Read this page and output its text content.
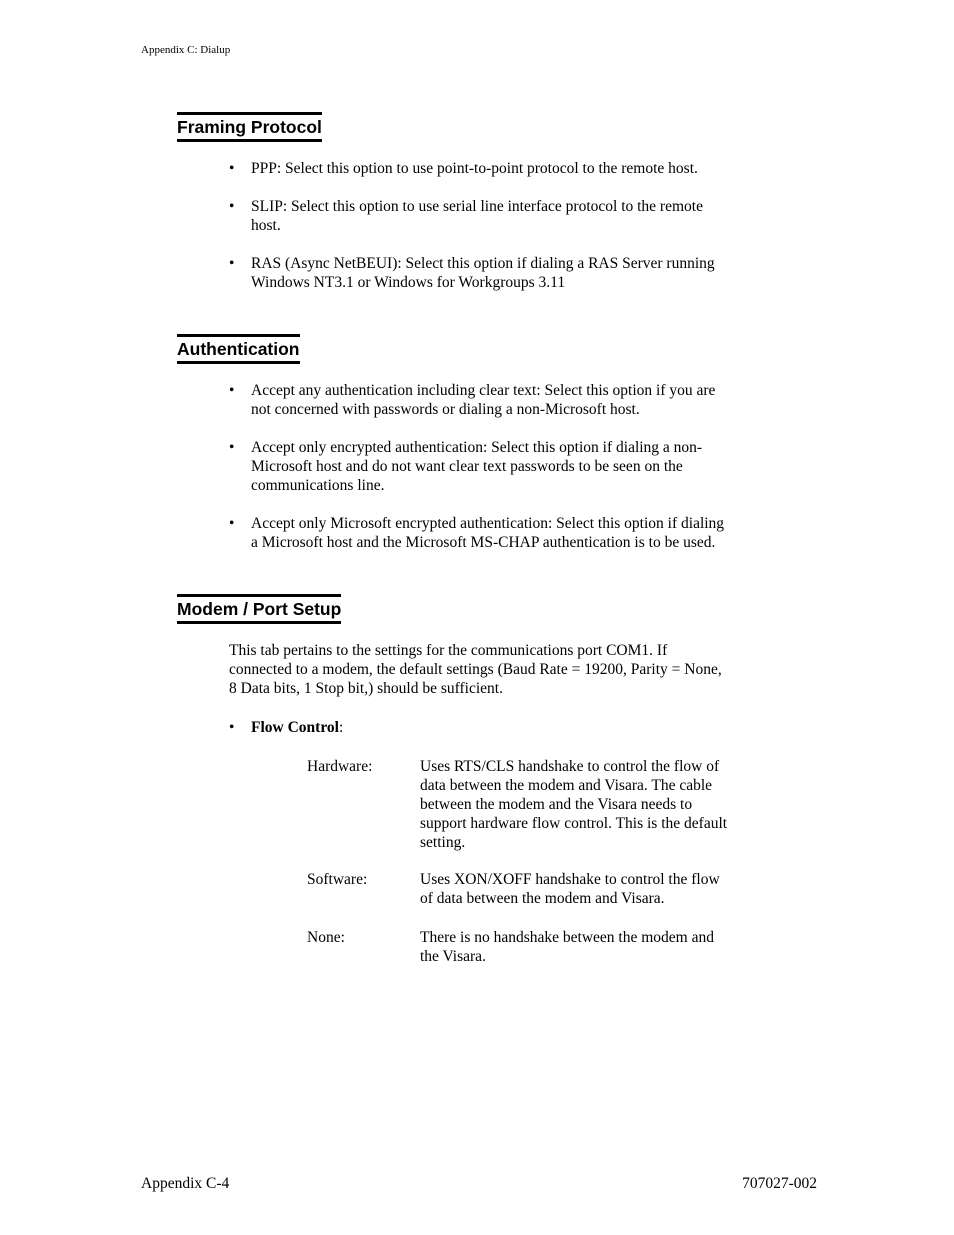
Appendix C: Dialup
Framing Protocol
• PPP: Select this option to use point-to-point protocol to the remote host.
• SLIP: Select this option to use serial line interface protocol to the remote host.
• RAS (Async NetBEUI): Select this option if dialing a RAS Server running Windows NT3.1 or Windows for Workgroups 3.11
Authentication
• Accept any authentication including clear text: Select this option if you are not concerned with passwords or dialing a non-Microsoft host.
• Accept only encrypted authentication: Select this option if dialing a non-Microsoft host and do not want clear text passwords to be seen on the communications line.
• Accept only Microsoft encrypted authentication: Select this option if dialing a Microsoft host and the Microsoft MS-CHAP authentication is to be used.
Modem / Port Setup
This tab pertains to the settings for the communications port COM1. If connected to a modem, the default settings (Baud Rate = 19200, Parity = None, 8 Data bits, 1 Stop bit,) should be sufficient.
• Flow Control:
Hardware:	Uses RTS/CLS handshake to control the flow of data between the modem and Visara. The cable between the modem and the Visara needs to support hardware flow control. This is the default setting.
Software:	Uses XON/XOFF handshake to control the flow of data between the modem and Visara.
None:	There is no handshake between the modem and the Visara.
Appendix C-4	707027-002
